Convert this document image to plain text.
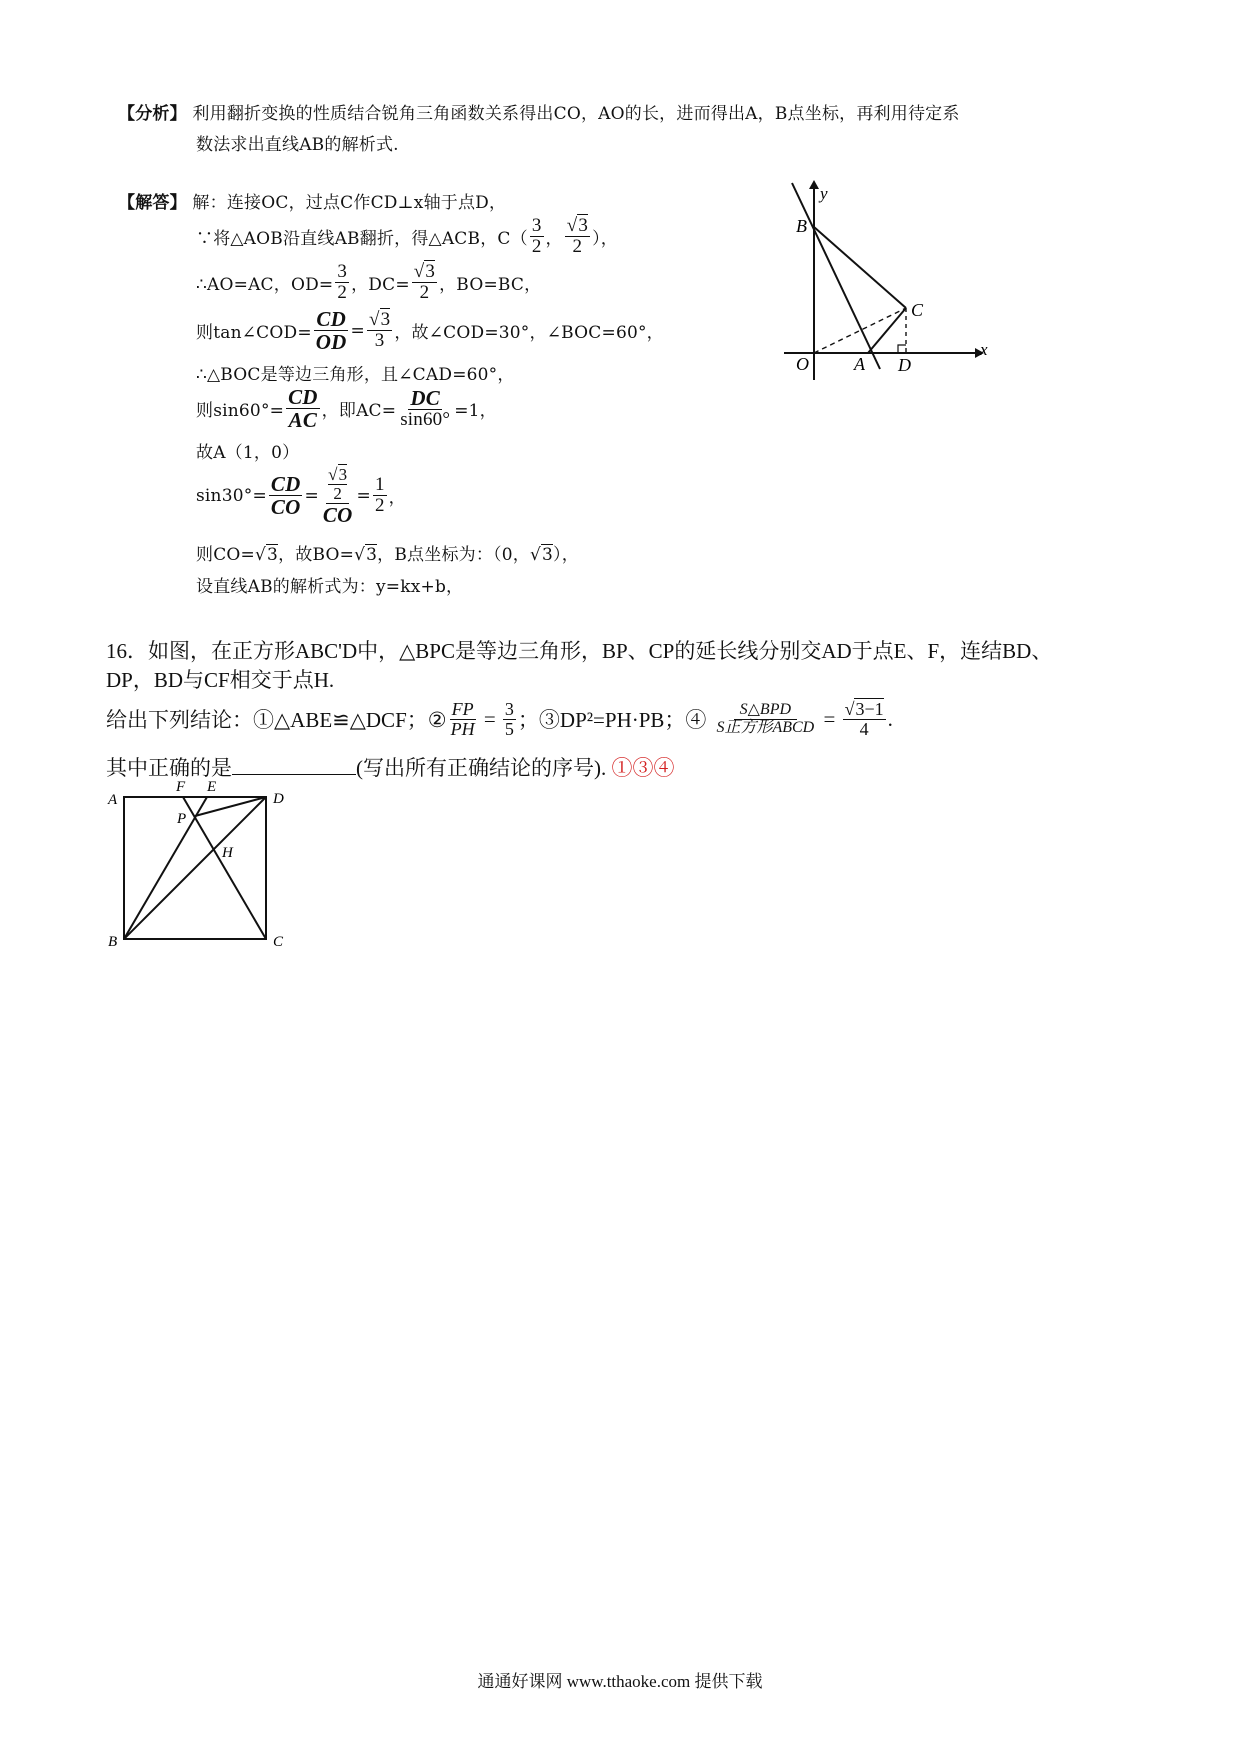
【分析】 利用翻折变换的性质结合锐角三角函数关系得出CO，AO的长，进而得出A，B点坐标，再利用待定系
数法求出直线AB的解析式.
【解答】 解：连接OC，过点C作CD⊥x轴于点D，
∵将△AOB沿直线AB翻折，得△ACB，$C( \frac{3}{2}$ ， $\frac{√3}{2}$ ），
∴AO=AC，$OD= \frac{3}{2}$ ，$DC= \frac{√3}{2}$ ，BO=BC，
则tan∠COD= $\frac{CD}{OD} = \frac{√3}{3}$ ，故∠COD=30°，∠BOC=60°，
∴△BOC是等边三角形，且∠CAD=60°，
则$\sin 60^\circ= \frac{CD}{AC}$ ，即$AC= \frac{DC}{\sin 60^\circ} =1$，
故A（1，0）
$\sin 30^\circ= \frac{CD}{CO} = √3$
2
CO = $\frac{1}{2}$ ，
则CO=√3，故BO=√3，B点坐标为：（0，√3），
设直线AB的解析式为：y=kx+b，
B
y
C
O	A D
x
16．如图，在正方形ABC'D中，△BPC是等边三角形，BP、CP的延长线分别交AD于点E、F，连结BD、
DP，BD与CF相交于点H.
给出下列结论：①△ABE≌△DCF；② $\frac{FP}{PH} = \frac{3}{5}$ ；③DP²=PH·PB；④ $\frac{\text{S△BPD}}{\text{S正方形ABCD}} = \frac{√3-1}{4}$ .
其中正确的是	(写出所有正确结论的序号). ①③④
A
F E
D
P
H
B	C
通通好课网 www.tthaoke.com 提供下载
